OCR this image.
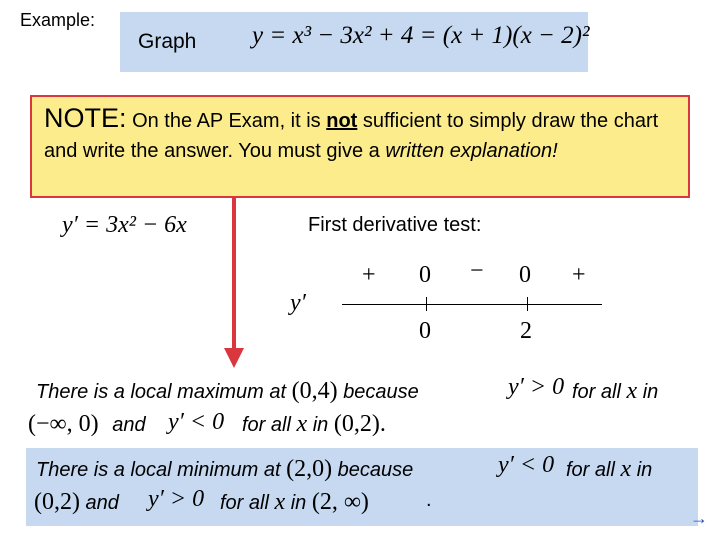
Example:
Graph y = x³ − 3x² + 4 = (x + 1)(x − 2)²
y′ = 3x² − 6x	First derivative test:
y′
+ 0 − 0 +
0	2
There is a local maximum at (0,4) because	y′ > 0 for all x in
(−∞, 0) and y′ < 0 for all x in (0,2).
There is a local minimum at (2,0) because	y′ < 0 for all x in
(0,2) and y′ > 0 for all x in (2, ∞)	.
NOTE: On the AP Exam, it is not sufficient to simply draw the chart and write the answer. You must give a written explanation!
→
